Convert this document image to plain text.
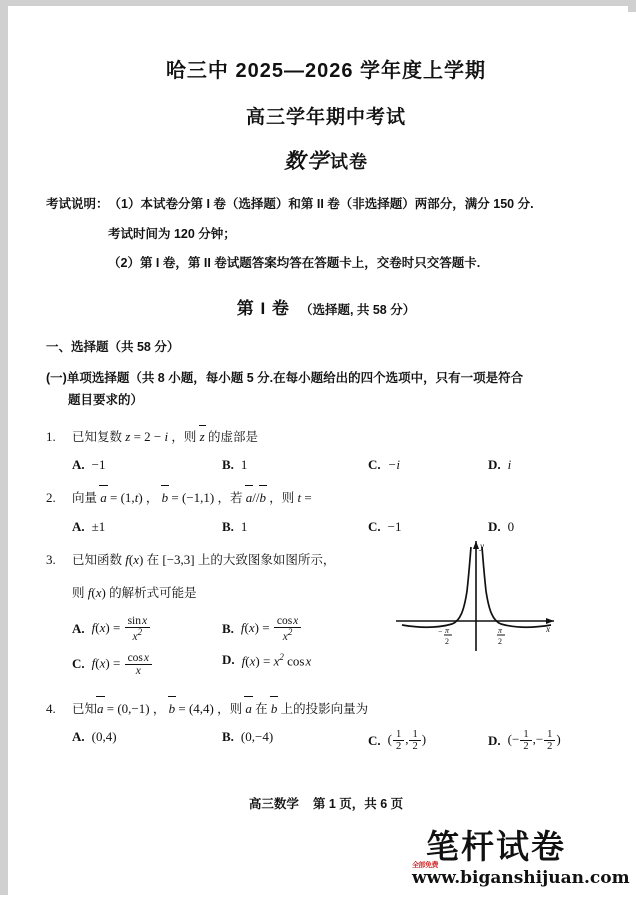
哈三中 2025—2026 学年度上学期
高三学年期中考试
数学试卷
考试说明： （1）本试卷分第 I 卷（选择题）和第 II 卷（非选择题）两部分，满分 150 分.
考试时间为 120 分钟；
（2）第 I 卷，第 II 卷试题答案均答在答题卡上，交卷时只交答题卡.
第 I 卷 （选择题, 共 58 分）
一、选择题（共 58 分）
(一)单项选择题（共 8 小题，每小题 5 分.在每小题给出的四个选项中，只有一项是符合
题目要求的）
1.	已知复数 z = 2 − i ，则 z 的虚部是
A. −1	B. 1	C. −i	D. i
2.	向量 a = (1,t) ， b = (−1,1) ，若 a//b ，则 t =
A. ±1	B. 1	C. −1	D. 0
3.	已知函数 f(x) 在 [−3,3] 上的大致图象如图所示，
则 f(x) 的解析式可能是
A. $f(x) = \frac{\text{sin x}}{x^2}$	B. $f(x) = \frac{\text{cos x}}{x^2}$
C. $f(x) = \frac{\text{cos x}}{x}$	D. $f(x) = x^2$ cos x
y
x
− π
2
π
2
4.	已知a = (0,−1) ， b = (4,4) ，则 a 在 b 上的投影向量为
A. (0,4)	B. (0,−4)	C. ( $\frac{1}{2}$ , $\frac{1}{2}$ )	D. (− $\frac{1}{2}$ ,− $\frac{1}{2}$ )
高三数学 第 1 页，共 6 页
笔杆试卷
全部免费
www.biganshijuan.com
